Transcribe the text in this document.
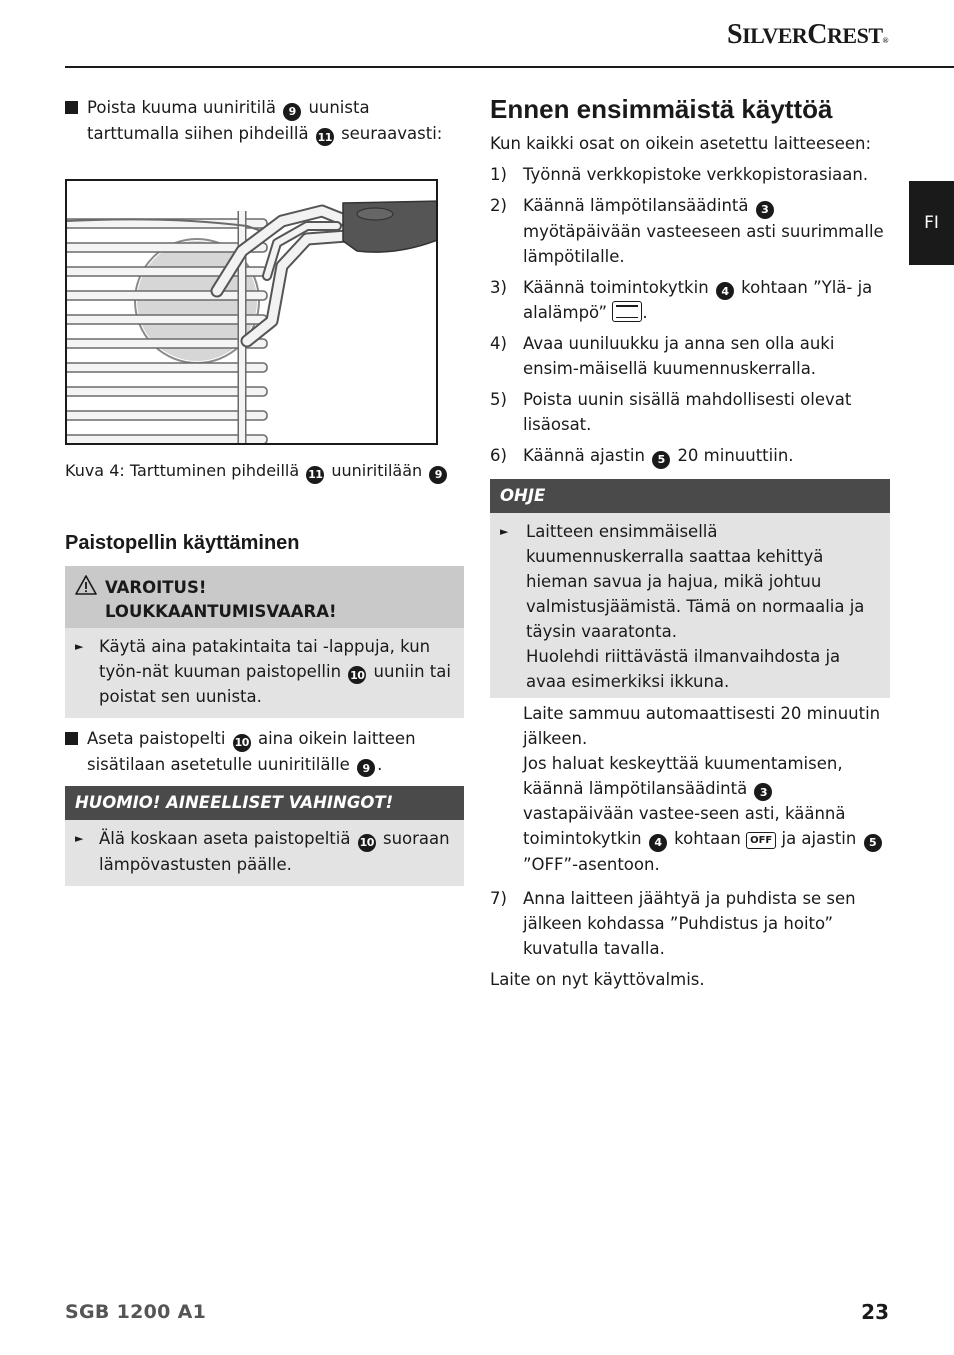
SILVERCREST®
FI
Poista kuuma uuniritilä 9 uunista tarttumalla siihen pihdeillä 11 seuraavasti:
Kuva 4: Tarttuminen pihdeillä 11 uuniritilään 9
Paistopellin käyttäminen
VAROITUS!
LOUKKAANTUMISVAARA!
► Käytä aina patakintaita tai -lappuja, kun työn-nät kuuman paistopellin 10 uuniin tai poistat sen uunista.
Aseta paistopelti 10 aina oikein laitteen sisätilaan asetetulle uuniritilälle 9 .
HUOMIO! AINEELLISET VAHINGOT!
► Älä koskaan aseta paistopeltiä 10 suoraan lämpövastusten päälle.
Ennen ensimmäistä käyttöä

Kun kaikki osat on oikein asetettu laitteeseen:

1) Työnnä verkkopistoke verkkopistorasiaan.
2) Käännä lämpötilansäädintä 3 myötäpäivään vasteeseen asti suurimmalle lämpötilalle.
3) Käännä toimintokytkin 4 kohtaan ”Ylä- ja alalämpö” .
4) Avaa uuniluukku ja anna sen olla auki ensim-mäisellä kuumennuskerralla.
5) Poista uunin sisällä mahdollisesti olevat lisäosat.
6) Käännä ajastin 5 20 minuuttiin.
OHJE
► Laitteen ensimmäisellä kuumennuskerralla saattaa kehittyä hieman savua ja hajua, mikä johtuu valmistusjäämistä. Tämä on normaalia ja täysin vaaratonta.
Huolehdi riittävästä ilmanvaihdosta ja avaa esimerkiksi ikkuna.
Laite sammuu automaattisesti 20 minuutin jälkeen.
Jos haluat keskeyttää kuumentamisen, käännä lämpötilansäädintä 3 vastapäivään vastee-seen asti, käännä toimintokytkin 4 kohtaan OFF ja ajastin 5 ”OFF”-asentoon.
7) Anna laitteen jäähtyä ja puhdista se sen jälkeen kohdassa ”Puhdistus ja hoito” kuvatulla tavalla.

Laite on nyt käyttövalmis.

SGB 1200 A1	23
